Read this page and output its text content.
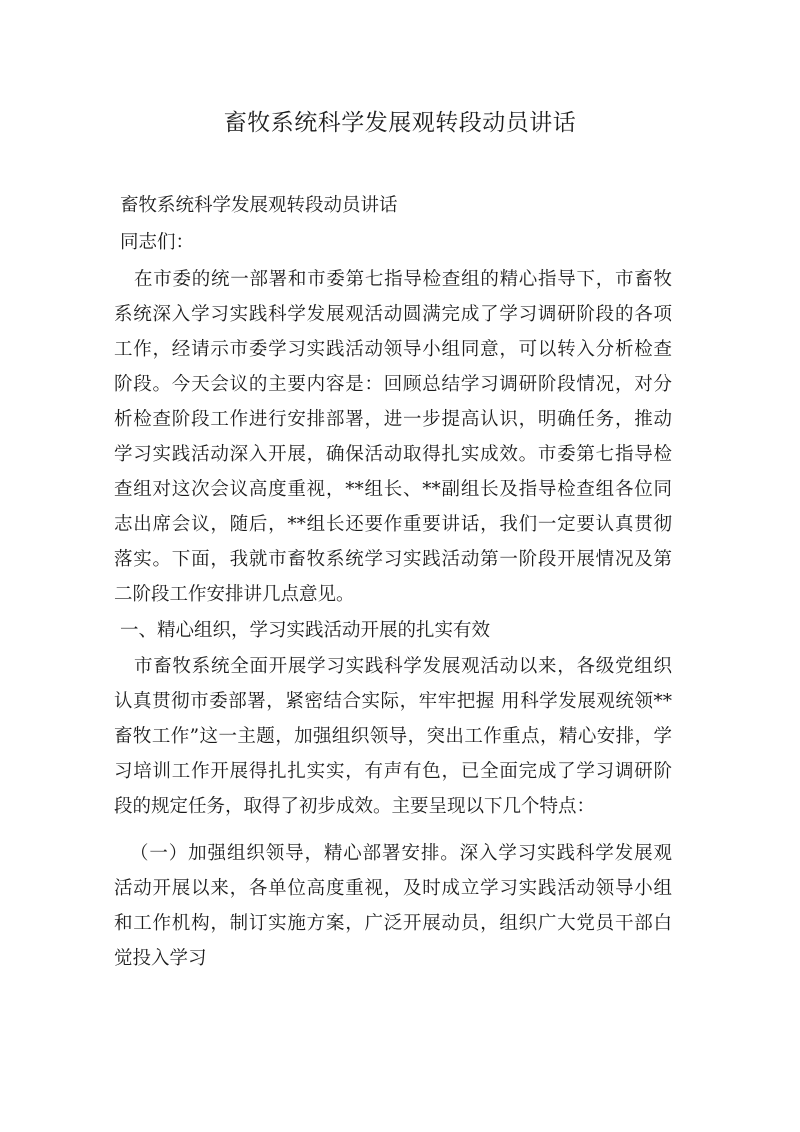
畜牧系统科学发展观转段动员讲话

畜牧系统科学发展观转段动员讲话

同志们：

在市委的统一部署和市委第七指导检查组的精心指导下，市畜牧 系统深入学习实践科学发展观活动圆满完成了学习调研阶段的各项 工作，经请示市委学习实践活动领导小组同意，可以转入分析检查 阶段。今天会议的主要内容是：回顾总结学习调研阶段情况，对分 析检查阶段工作进行安排部署，进一步提高认识，明确任务，推动 学习实践活动深入开展，确保活动取得扎实成效。市委第七指导检 查组对这次会议高度重视，**组长、**副组长及指导检查组各位同 志出席会议，随后，**组长还要作重要讲话，我们一定要认真贯彻 落实。下面，我就市畜牧系统学习实践活动第一阶段开展情况及第 二阶段工作安排讲几点意见。

一、精心组织，学习实践活动开展的扎实有效

市畜牧系统全面开展学习实践科学发展观活动以来，各级党组织 认真贯彻市委部署，紧密结合实际，牢牢把握 用科学发展观统领** 畜牧工作”这一主题，加强组织领导，突出工作重点，精心安排，学 习培训工作开展得扎扎实实，有声有色，已全面完成了学习调研阶 段的规定任务，取得了初步成效。主要呈现以下几个特点：

（一）加强组织领导，精心部署安排。深入学习实践科学发展观 活动开展以来，各单位高度重视，及时成立学习实践活动领导小组 和工作机构，制订实施方案，广泛开展动员，组织广大党员干部白 觉投入学习
